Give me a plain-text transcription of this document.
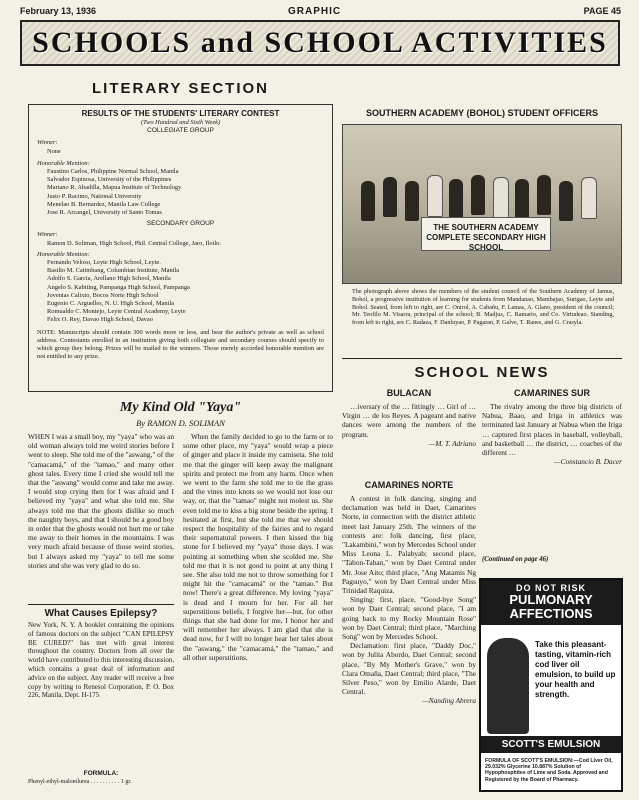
February 13, 1936	GRAPHIC	PAGE 45
SCHOOLS and SCHOOL ACTIVITIES
LITERARY SECTION
RESULTS OF THE STUDENTS' LITERARY CONTEST
(Two Hundred and Sixth Week)
COLLEGIATE GROUP
Winner:
None
Honorable Mention:
Faustino Carlos, Philippine Normal School, Manila
Salvador Espinosa, University of the Philippines
Mariano R. Abadilla, Mapua Institute of Technology
Justo P. Racimo, National University
Menelao B. Bernardez, Manila Law College
Jose R. Arcangel, University of Santo Tomas
SECONDARY GROUP
Winner:
Ramon D. Soliman, High School, Phil. Central College, Jaro, Iloilo.
Honorable Mention:
Fernando Veloso, Leyte High School, Leyte.
Basilio M. Catimbang, Columbian Institute, Manila
Adolfo S. Garcia, Arellano High School, Manila
Angelo S. Kabiting, Pampanga High School, Pampanga
Jovenias Calixto, Bocos Norte High School
Eugenio C. Arguelles, N. U. High School, Manila
Romualdo C. Montejo, Leyte Central Academy, Leyte
Felix O. Rey, Davao High School, Davao
NOTE: Manuscripts should contain 300 words more or less, and bear the author's private as well as school address. Contestants enrolled in an institution giving both collegiate and secondary courses should specify to which group they belong. Prizes will be mailed to the winners. Those merely accorded honorable mention are not entitled to any prize.
My Kind Old "Yaya"
By RAMON D. SOLIMAN

WHEN I was a small boy, my "yaya" who was an old woman always told me weird stories before I went to sleep. She told me of the "aswang," of the "camacamá," of the "tamao," and many other ghost tales. Every time I cried she would tell me that the "aswang" would come and take me away. I would stop crying then for I was afraid and I believed my "yaya" and what she told me. She always told me that the ghosts dislike so much the naughty boys, and that I should be a good boy in order that the ghosts would not hurt me or take me away to their homes in the mountains. I was very much afraid because of those weird stories, but I always asked my "yaya" to tell me some stories and she was very glad to do so.

When the family decided to go to the farm or to some other place, my "yaya" would wrap a piece of ginger and place it inside my camiseta. She told me that the ginger will keep away the malignant spirits and protect me from any harm. Once when we went to the farm she told me to tie the grass and the vines into knots so we would not lose our way, or, that the "tamao" might not molest us. She even told me to kiss a big stone beside the spring. I hesitated at first, but she told me that we should respect the hospitality of the fairies and to regard their supernatural powers. I then kissed the big stone for I believed my "yaya" those days. I was pointing at something when she scolded me. She told me that it is not good to point at any thing I see. She also told me not to throw something for I might hit the "camacamá" or the "tamao." But now! There's a great difference. My loving "yaya" is dead and I mourn for her. For all her superstitious beliefs, I forgive her—but, for other things that she had done for me, I honor her and will remember her always. I am glad that she is dead now, for I will no longer hear her tales about the "aswang," the "camacamá," the "tamao," and all other superstitions.

What Causes Epilepsy?
New York, N. Y. A booklet containing the opinions of famous doctors on the subject "CAN EPILEPSY BE CURED?" has met with great interest throughout the country. Doctors from all over the world have contributed to this interesting discussion, which contains a great deal of information and advice on the subject. Any reader will receive a free copy by writing to Renesol Corporation, P. O. Box 226, Manila, Dept. H-175
FORMULA:
Phenyl-ethyl-malonilurea . . . . . . . . . . 1 gr.
SOUTHERN ACADEMY (BOHOL) STUDENT OFFICERS
THE SOUTHERN ACADEMY COMPLETE SECONDARY HIGH SCHOOL
The photograph above shows the members of the student council of the Southern Academy of Jamus, Bohol, a progressive institution of learning for students from Mandanao, Mambajao, Surigao, Leyte and Bohol. Seated, from left to right, are C. Onirol, A. Cabañu, F. Lamas, A. Glano, president of the council; Mr. Teofilo M. Visarra, principal of the school; B. Madjus, C. Ramario, and Co. Virtudeao. Standing, from left to right, are C. Radaza, F. Danluyao, P. Pagaran, P. Galve, T. Ranes, and G. Crasyla.
SCHOOL NEWS
BULACAN

…iversary of the … fittingly … Girl of … Virgin … de los Reyes. A pageant and native dances were among the numbers of the program.

—M. T. Adriano
CAMARINES NORTE

A contest in folk dancing, singing and declamation was held in Daet, Camarines Norte, in connection with the district athletic meet last January 25th. The winners of the contests are: folk dancing, first place, "Lakambini," won by Mercedes School under Miss Leona L. Palabyab; second place, "Tabon-Taban," won by Daet Central under Mr. Jose Aito; third place, "Ang Matamis Ng Pagsuyo," won by Daet Central under Miss Trinidad Raquiza.

Singing: first, place, "Good-bye Song" won by Daet Central; second place, "I am going back to my Rocky Mountain Rose" won by Daet Central; third place, "Marching Song" won by Mercedes School.

Declamation: first place, "Daddy Doc," won by Julita Abordo, Daet Central; second place, "By My Mother's Grave," won by Clara Omaña, Daet Central; third place, "The Silver Peso," won by Emilio Alarde, Daet Central.

—Nanding Abrera
CAMARINES SUR

The rivalry among the three big districts of Nabua, Baao, and Iriga in athletics was terminated last January at Nabua when the Iriga … captured first places in baseball, volleyball, and basketball … the district, … coaches of the different …

—Constancio B. Dacer
(Continued on page 46)
DO NOT RISK
PULMONARY
AFFECTIONS
Take this pleasant-tasting, vitamin-rich cod liver oil emulsion, to build up your health and strength.
SCOTT'S EMULSION
FORMULA OF SCOTT'S EMULSION:—Cod Liver Oil, 29.032% Glycerine 10.887% Solution of Hypophosphites of Lime and Soda. Approved and Registered by the Board of Pharmacy.
